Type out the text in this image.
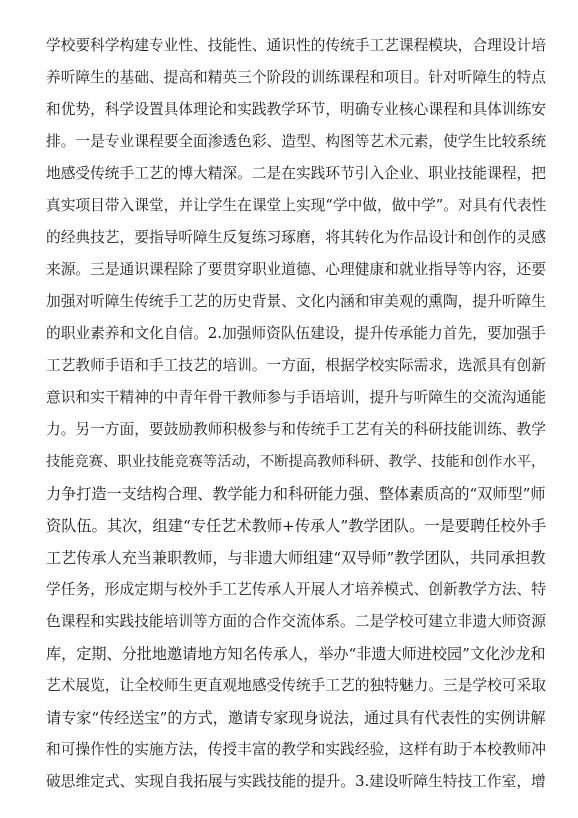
学校要科学构建专业性、技能性、通识性的传统手工艺课程模块，合理设计培
养听障生的基础、提高和精英三个阶段的训练课程和项目。针对听障生的特点
和优势，科学设置具体理论和实践教学环节，明确专业核心课程和具体训练安
排。一是专业课程要全面渗透色彩、造型、构图等艺术元素，使学生比较系统
地感受传统手工艺的博大精深。二是在实践环节引入企业、职业技能课程，把
真实项目带入课堂，并让学生在课堂上实现“学中做，做中学”。对具有代表性
的经典技艺，要指导听障生反复练习琢磨，将其转化为作品设计和创作的灵感
来源。三是通识课程除了要贯穿职业道德、心理健康和就业指导等内容，还要
加强对听障生传统手工艺的历史背景、文化内涵和审美观的熏陶，提升听障生
的职业素养和文化自信。2.加强师资队伍建设，提升传承能力首先，要加强手
工艺教师手语和手工技艺的培训。一方面，根据学校实际需求，选派具有创新
意识和实干精神的中青年骨干教师参与手语培训，提升与听障生的交流沟通能
力。另一方面，要鼓励教师积极参与和传统手工艺有关的科研技能训练、教学
技能竞赛、职业技能竞赛等活动，不断提高教师科研、教学、技能和创作水平，
力争打造一支结构合理、教学能力和科研能力强、整体素质高的“双师型”师
资队伍。其次，组建“专任艺术教师+传承人”教学团队。一是要聘任校外手
工艺传承人充当兼职教师，与非遗大师组建“双导师”教学团队，共同承担教
学任务，形成定期与校外手工艺传承人开展人才培养模式、创新教学方法、特
色课程和实践技能培训等方面的合作交流体系。二是学校可建立非遗大师资源
库，定期、分批地邀请地方知名传承人，举办“非遗大师进校园”文化沙龙和
艺术展览，让全校师生更直观地感受传统手工艺的独特魅力。三是学校可采取
请专家“传经送宝”的方式，邀请专家现身说法，通过具有代表性的实例讲解
和可操作性的实施方法，传授丰富的教学和实践经验，这样有助于本校教师冲
破思维定式、实现自我拓展与实践技能的提升。3.建设听障生特技工作室，增
